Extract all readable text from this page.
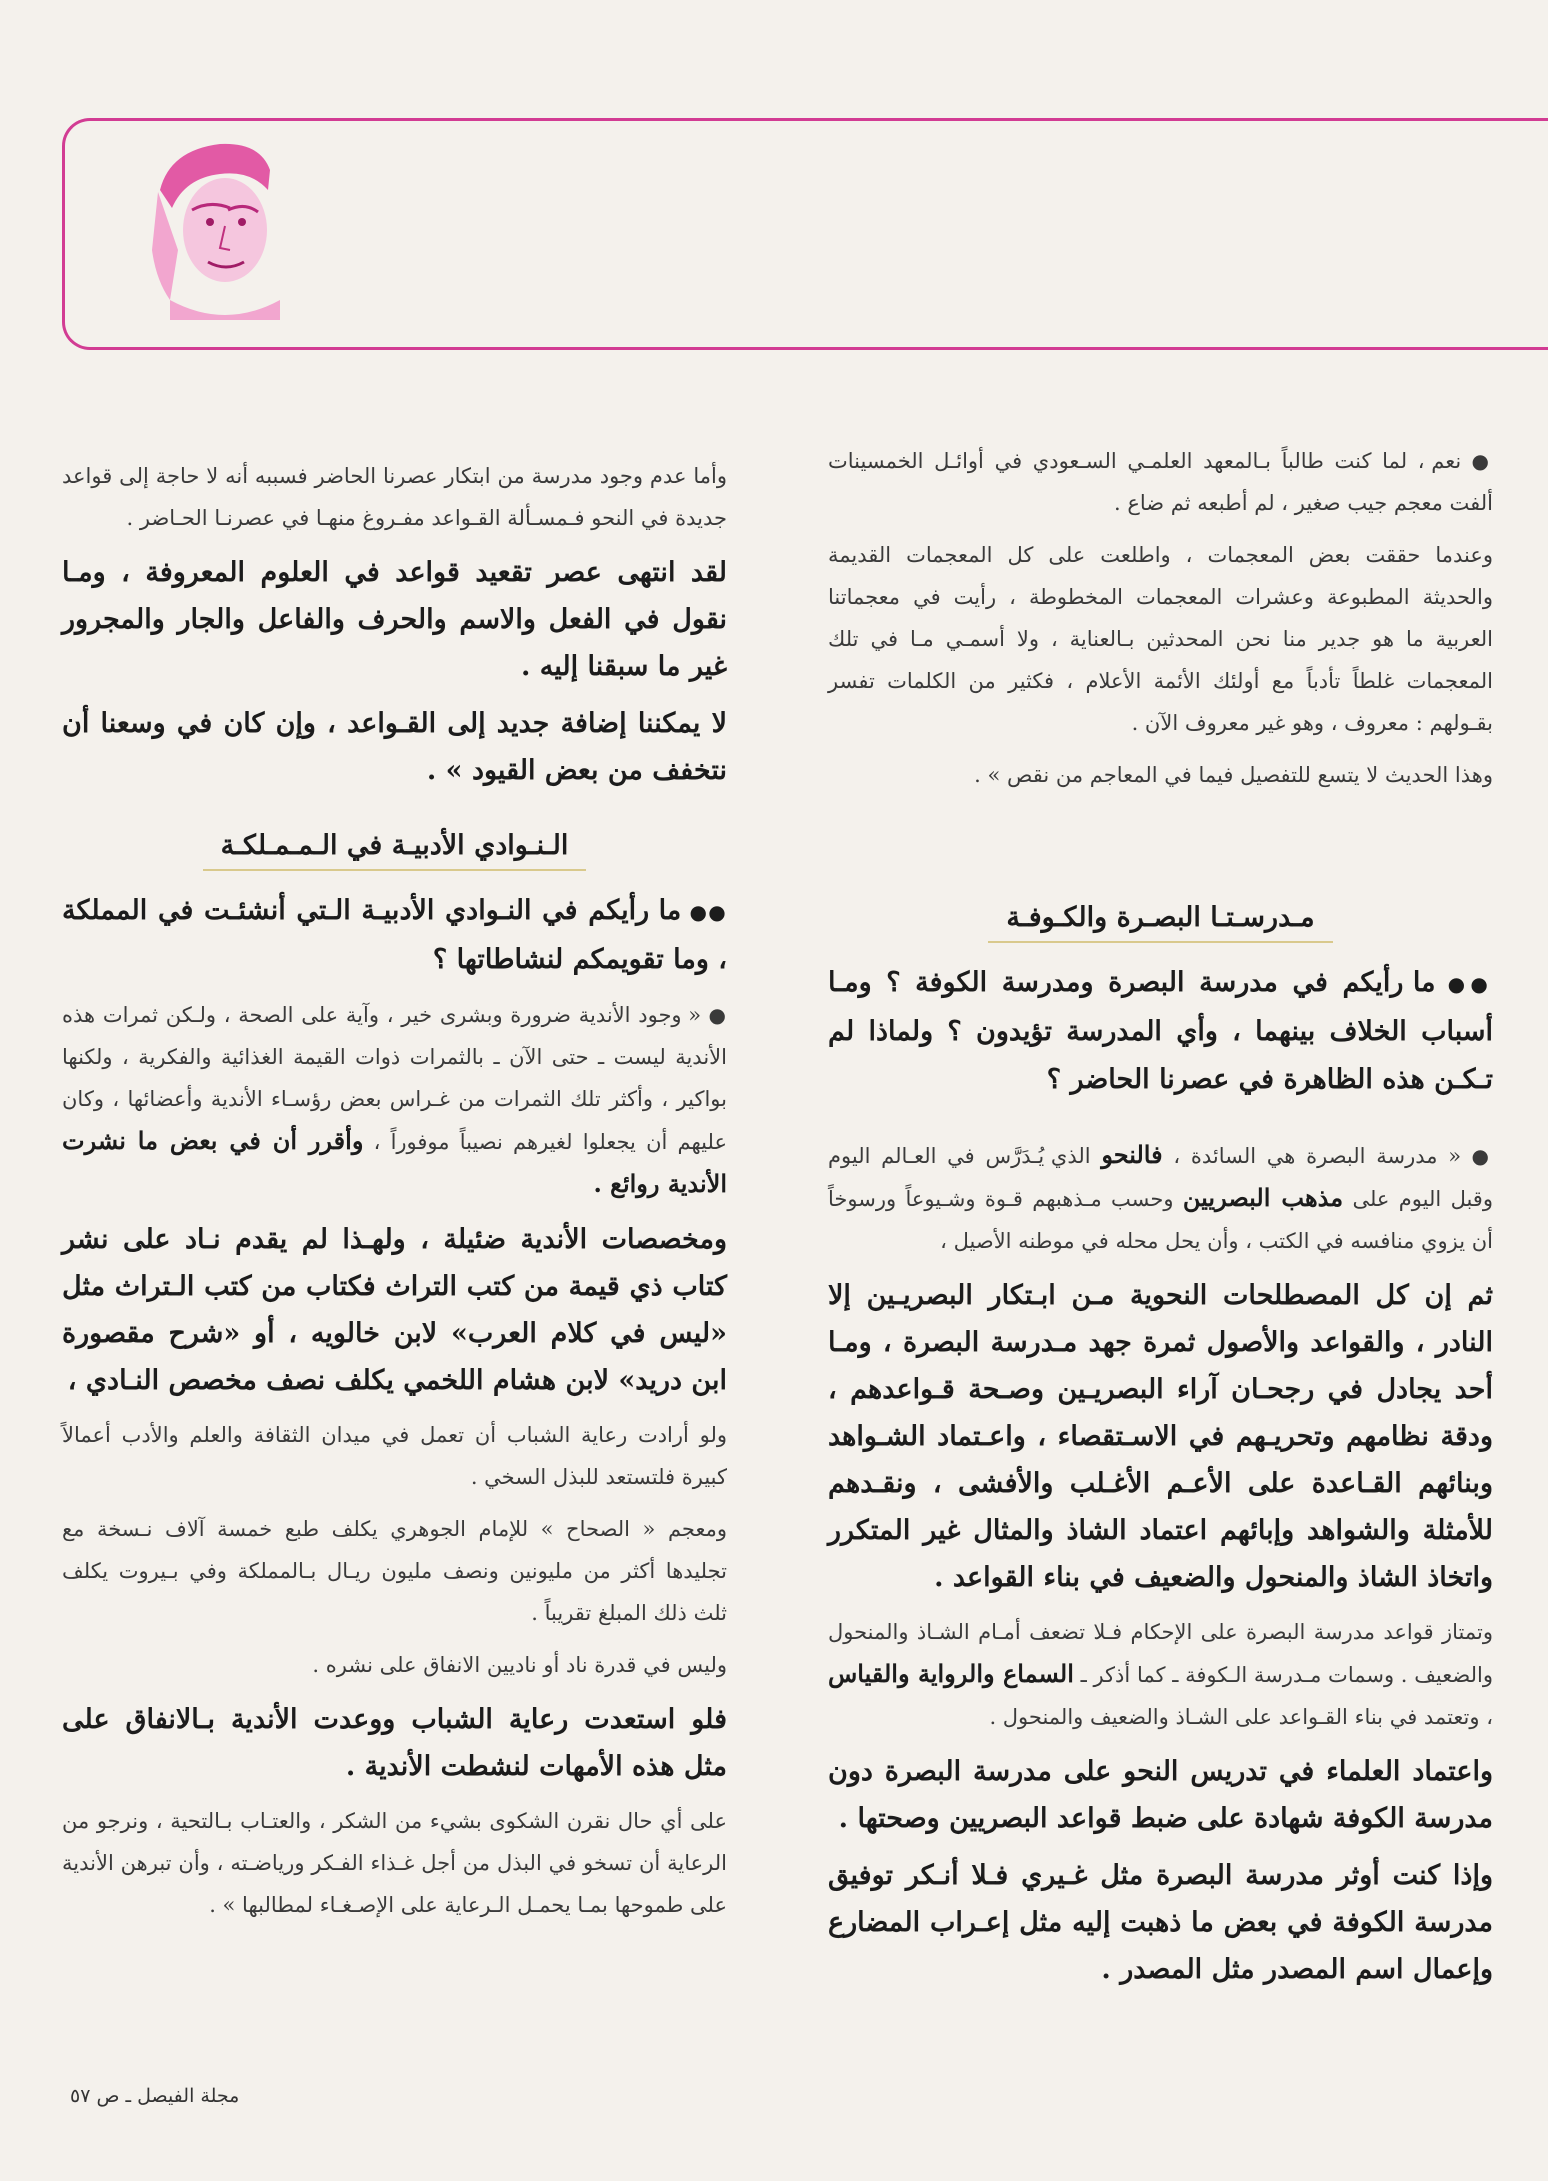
● نعم ، لما كنت طالباً بـالمعهد العلمـي السـعودي في أوائـل الخمسينات ألفت معجم جيب صغير ، لم أطبعه ثم ضاع .

وعندما حققت بعض المعجمات ، واطلعت على كل المعجمات القديمة والحديثة المطبوعة وعشرات المعجمات المخطوطة ، رأيت في معجماتنا العربية ما هو جدير منا نحن المحدثين بـالعناية ، ولا أسمـي مـا في تلك المعجمات غلطاً تأدباً مع أولئك الأئمة الأعلام ، فكثير من الكلمات تفسر بقـولهم : معروف ، وهو غير معروف الآن .

وهذا الحديث لا يتسع للتفصيل فيما في المعاجم من نقص » .

مـدرسـتـا البصـرة والكـوفـة

●● ما رأيكم في مدرسة البصرة ومدرسة الكوفة ؟ ومـا أسباب الخلاف بينهما ، وأي المدرسة تؤيدون ؟ ولماذا لم تـكـن هذه الظاهرة في عصرنا الحاضر ؟

● « مدرسة البصرة هي السائدة ، فالنحو الذي يُـدَرَّس في العـالم اليوم وقبل اليوم على مذهب البصريين وحسب مـذهبهم قـوة وشـيوعاً ورسوخاً أن يزوي منافسه في الكتب ، وأن يحل محله في موطنه الأصيل ،

ثم إن كل المصطلحات النحوية مـن ابـتكار البصريـين إلا النادر ، والقواعد والأصول ثمرة جهد مـدرسة البصرة ، ومـا أحد يجادل في رجحـان آراء البصريـين وصـحة قـواعدهم ، ودقة نظامهم وتحريـهم في الاسـتقصاء ، واعـتماد الشـواهد وبنائهم القـاعدة على الأعـم الأغـلب والأفشى ، ونقـدهم للأمثلة والشواهد وإبائهم اعتماد الشاذ والمثال غير المتكرر واتخاذ الشاذ والمنحول والضعيف في بناء القواعد .

وتمتاز قواعد مدرسة البصرة على الإحكام فـلا تضعف أمـام الشـاذ والمنحول والضعيف . وسمات مـدرسة الـكوفة ـ كما أذكر ـ السماع والرواية والقياس ، وتعتمد في بناء القـواعد على الشـاذ والضعيف والمنحول .

واعتماد العلماء في تدريس النحو على مدرسة البصرة دون مدرسة الكوفة شهادة على ضبط قواعد البصريين وصحتها .

وإذا كنت أوثر مدرسة البصرة مثل غـيري فـلا أنـكر توفيق مدرسة الكوفة في بعض ما ذهبت إليه مثل إعـراب المضارع وإعمال اسم المصدر مثل المصدر .

وأما عدم وجود مدرسة من ابتكار عصرنا الحاضر فسببه أنه لا حاجة إلى قواعد جديدة في النحو فـمسـألة القـواعد مفـروغ منهـا في عصرنـا الحـاضر .

لقد انتهى عصر تقعيد قواعد في العلوم المعروفة ، ومـا نقول في الفعل والاسم والحرف والفاعل والجار والمجرور غير ما سبقنا إليه .

لا يمكننا إضافة جديد إلى القـواعد ، وإن كان في وسعنا أن نتخفف من بعض القيود » .

الـنـوادي الأدبيـة في الـمـمـلكـة

●● ما رأيكم في النـوادي الأدبيـة الـتي أنشئـت في المملكة ، وما تقويمكم لنشاطاتها ؟

● « وجود الأندية ضرورة وبشرى خير ، وآية على الصحة ، ولـكن ثمرات هذه الأندية ليست ـ حتى الآن ـ بالثمرات ذوات القيمة الغذائية والفكرية ، ولكنها بواكير ، وأكثر تلك الثمرات من غـراس بعض رؤسـاء الأندية وأعضائها ، وكان عليهم أن يجعلوا لغيرهم نصيباً موفوراً ، وأقرر أن في بعض ما نشرت الأندية روائع .

ومخصصات الأندية ضئيلة ، ولهـذا لم يقدم نـاد على نشر كتاب ذي قيمة من كتب التراث فكتاب من كتب الـتراث مثل «ليس في كلام العرب» لابن خالويه ، أو «شرح مقصورة ابن دريد» لابن هشام اللخمي يكلف نصف مخصص النـادي ،

ولو أرادت رعاية الشباب أن تعمل في ميدان الثقافة والعلم والأدب أعمالاً كبيرة فلتستعد للبذل السخي .

ومعجم « الصحاح » للإمام الجوهري يكلف طبع خمسة آلاف نـسخة مع تجليدها أكثر من مليونين ونصف مليون ريـال بـالمملكة وفي بـيروت يكلف ثلث ذلك المبلغ تقريباً .

وليس في قدرة ناد أو ناديين الانفاق على نشره .

فلو استعدت رعاية الشباب ووعدت الأندية بـالانفاق على مثل هذه الأمهات لنشطت الأندية .

على أي حال نقرن الشكوى بشيء من الشكر ، والعتـاب بـالتحية ، ونرجو من الرعاية أن تسخو في البذل من أجل غـذاء الفـكر ورياضـته ، وأن تبرهن الأندية على طموحها بمـا يحمـل الـرعاية على الإصـغـاء لمطالبها » .

مجلة الفيصل ـ ص ٥٧
